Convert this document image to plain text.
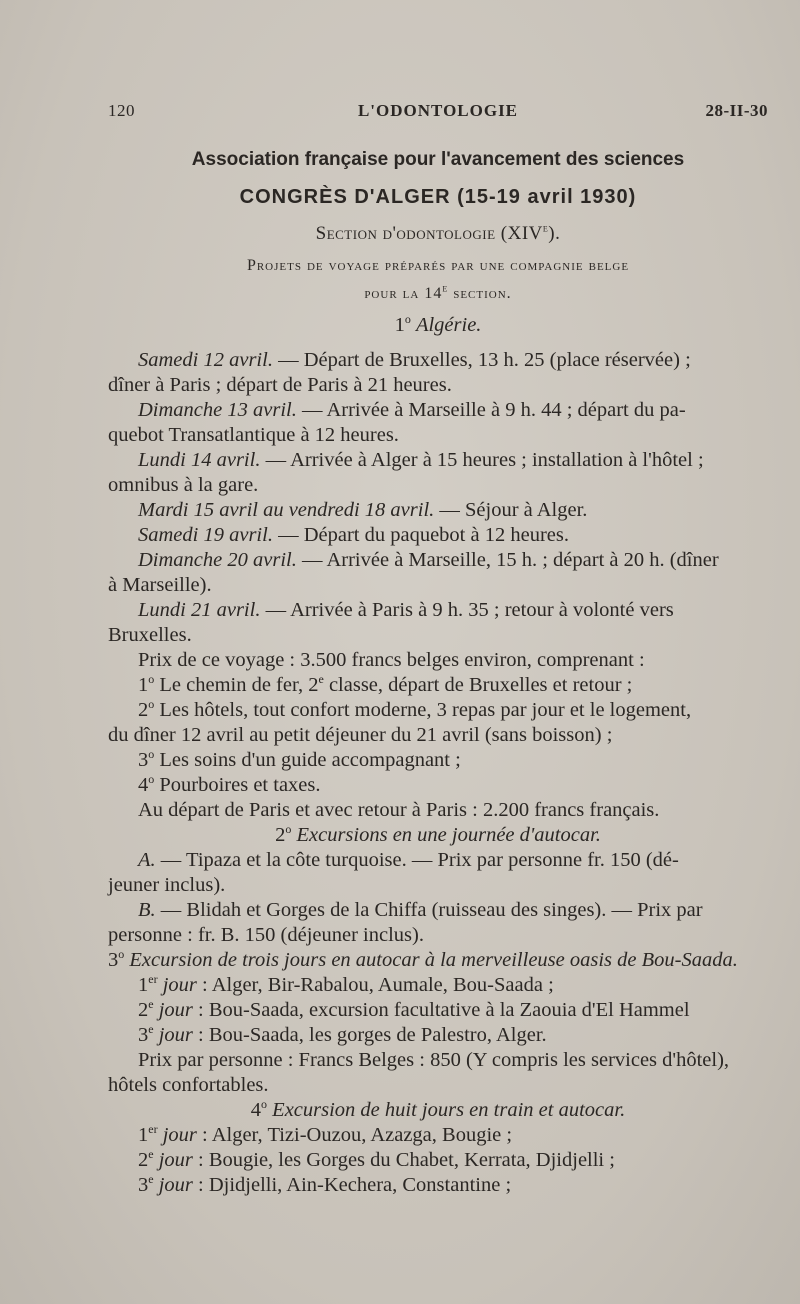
120	L'ODONTOLOGIE	28-II-30
Association française pour l'avancement des sciences
CONGRÈS D'ALGER (15-19 avril 1930)
Section d'odontologie (XIVe).
Projets de voyage préparés par une compagnie belge
pour la 14e section.
1$^o$ Algérie.
Samedi 12 avril. — Départ de Bruxelles, 13 h. 25 (place réservée) ;
dîner à Paris ; départ de Paris à 21 heures.
Dimanche 13 avril. — Arrivée à Marseille à 9 h. 44 ; départ du pa-
quebot Transatlantique à 12 heures.
Lundi 14 avril. — Arrivée à Alger à 15 heures ; installation à l'hôtel ;
omnibus à la gare.
Mardi 15 avril au vendredi 18 avril. — Séjour à Alger.
Samedi 19 avril. — Départ du paquebot à 12 heures.
Dimanche 20 avril. — Arrivée à Marseille, 15 h. ; départ à 20 h. (dîner
à Marseille).
Lundi 21 avril. — Arrivée à Paris à 9 h. 35 ; retour à volonté vers
Bruxelles.
Prix de ce voyage : 3.500 francs belges environ, comprenant :
1$^o$ Le chemin de fer, 2e classe, départ de Bruxelles et retour ;
2$^o$ Les hôtels, tout confort moderne, 3 repas par jour et le logement,
du dîner 12 avril au petit déjeuner du 21 avril (sans boisson) ;
3$^o$ Les soins d'un guide accompagnant ;
4$^o$ Pourboires et taxes.
Au départ de Paris et avec retour à Paris : 2.200 francs français.
2$^o$ Excursions en une journée d'autocar.
A. — Tipaza et la côte turquoise. — Prix par personne fr. 150 (dé-
jeuner inclus).
B. — Blidah et Gorges de la Chiffa (ruisseau des singes). — Prix par
personne : fr. B. 150 (déjeuner inclus).
3$^o$ Excursion de trois jours en autocar à la merveilleuse oasis de Bou-Saada.
1er jour : Alger, Bir-Rabalou, Aumale, Bou-Saada ;
2e jour : Bou-Saada, excursion facultative à la Zaouia d'El Hammel
3e jour : Bou-Saada, les gorges de Palestro, Alger.
Prix par personne : Francs Belges : 850 (Y compris les services d'hôtel),
hôtels confortables.
4$^o$ Excursion de huit jours en train et autocar.
1er jour : Alger, Tizi-Ouzou, Azazga, Bougie ;
2e jour : Bougie, les Gorges du Chabet, Kerrata, Djidjelli ;
3e jour : Djidjelli, Ain-Kechera, Constantine ;
